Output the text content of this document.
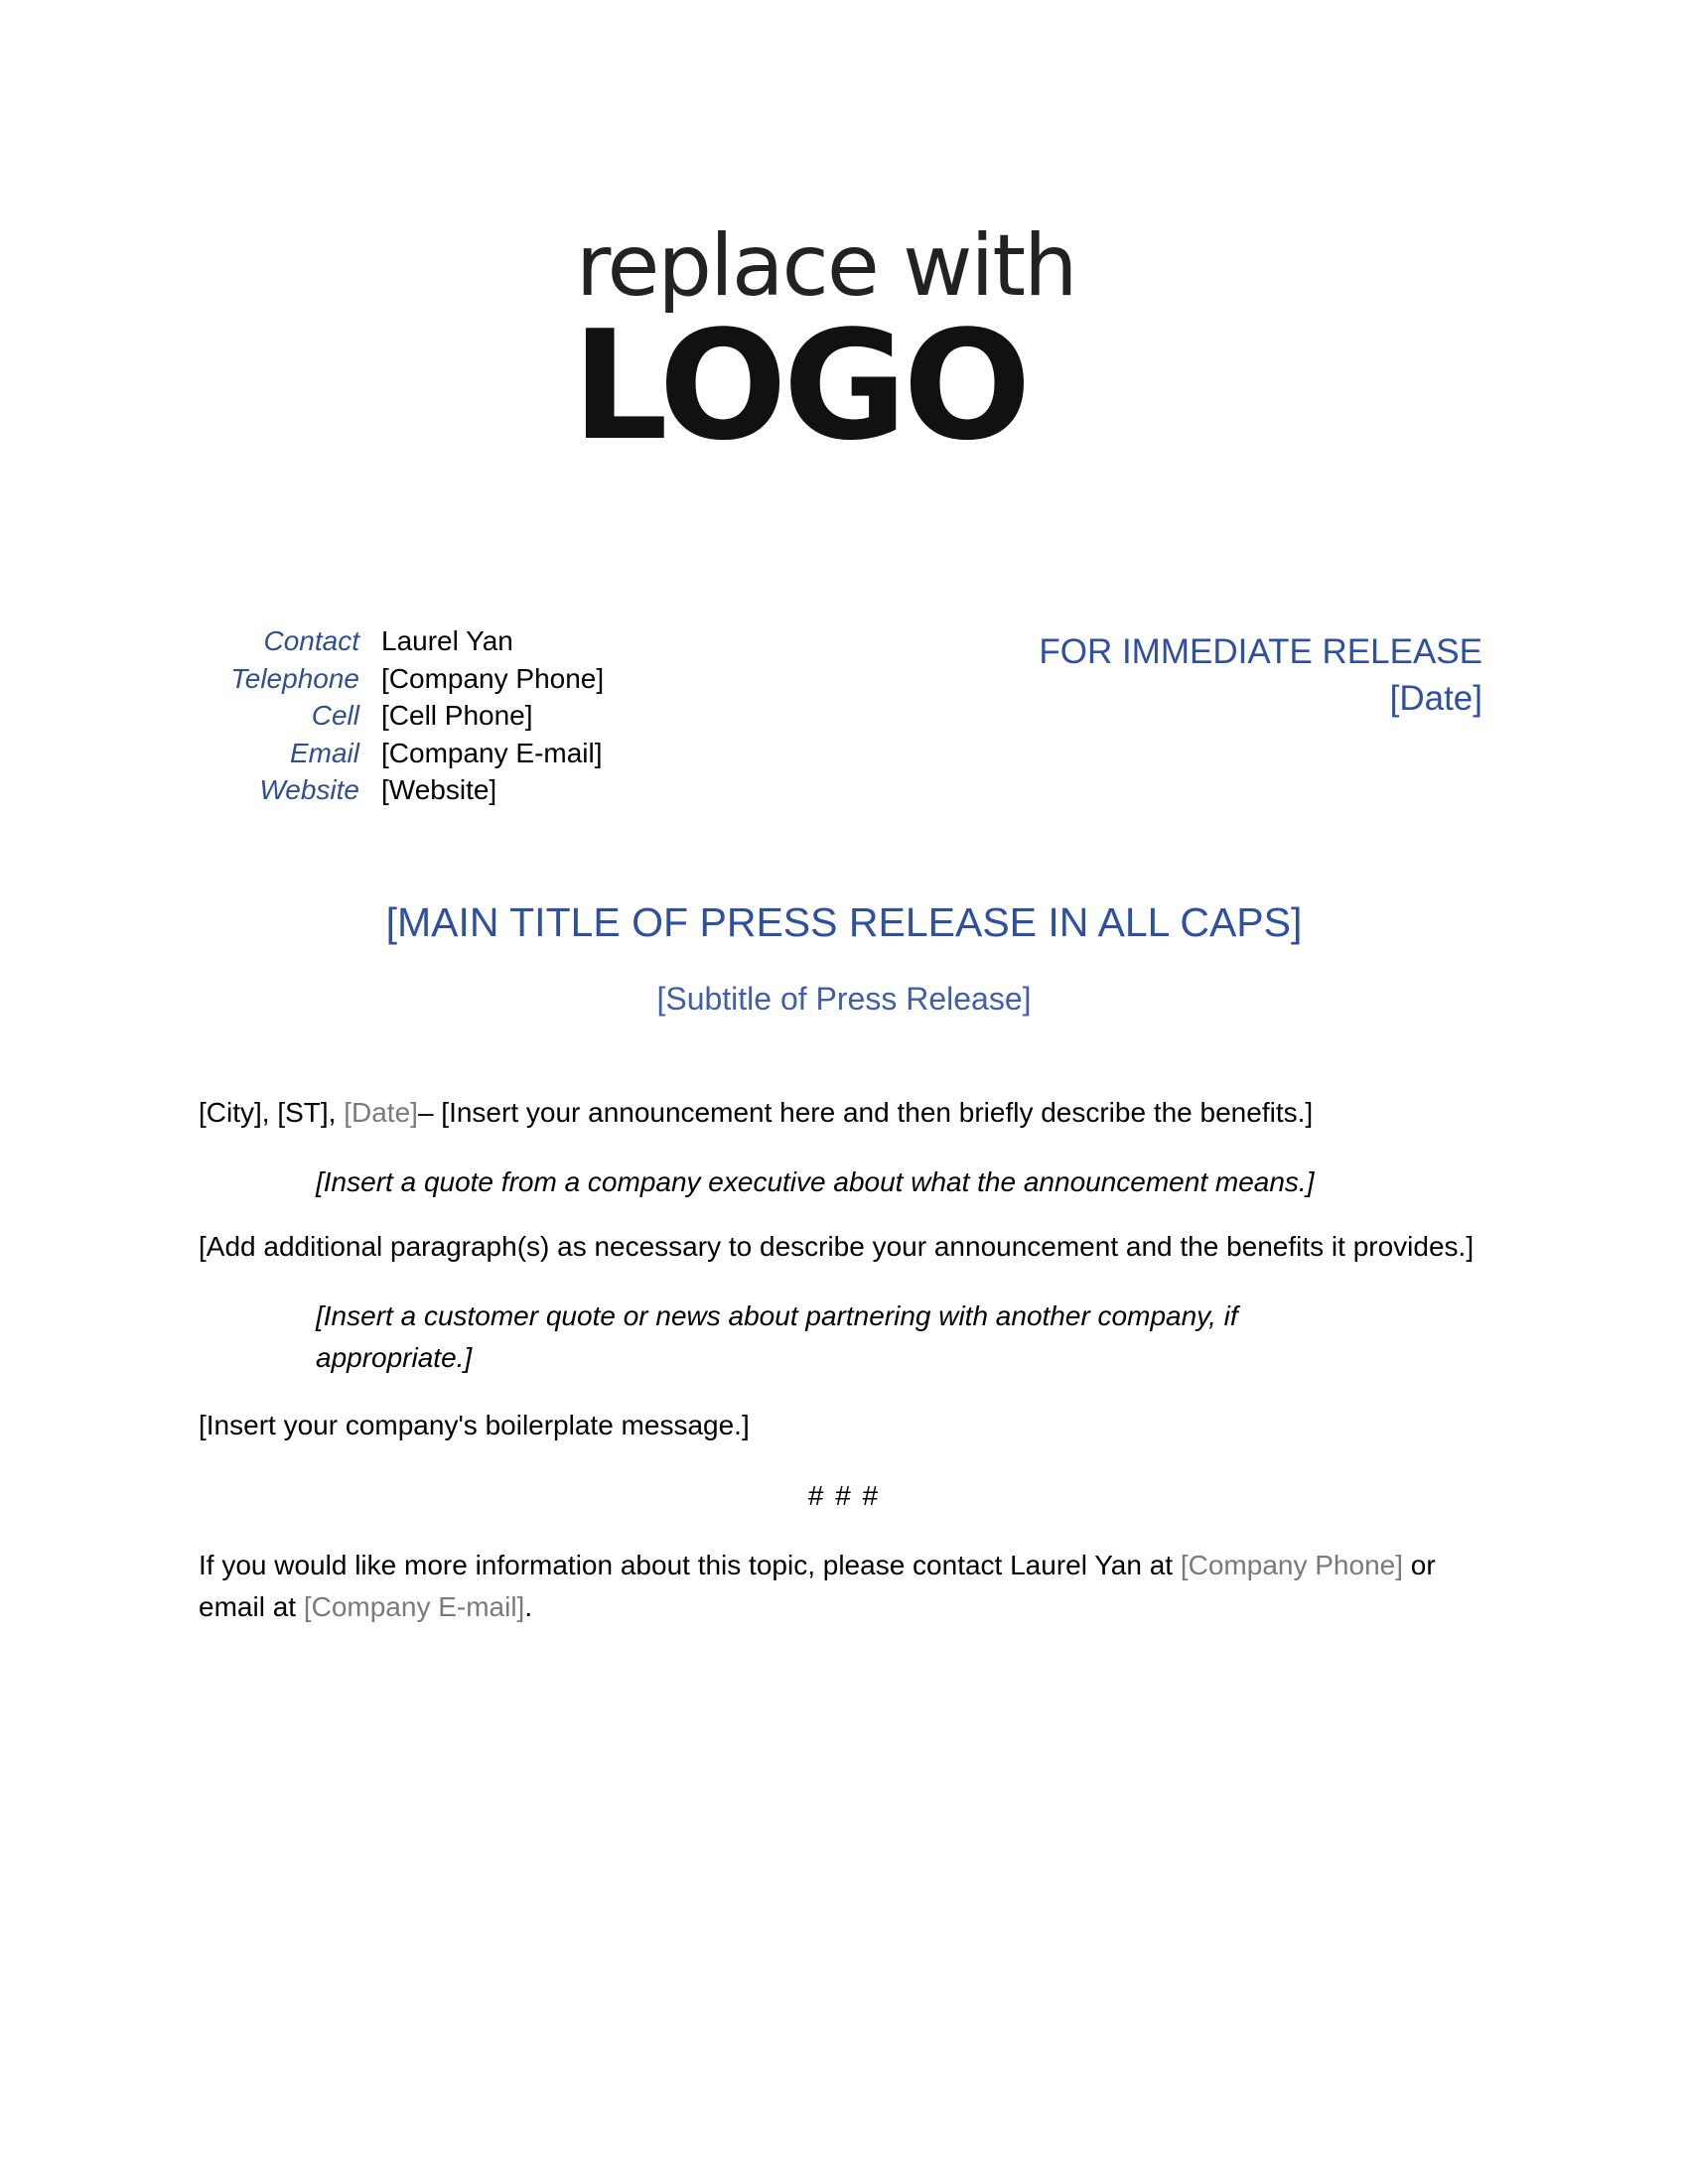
replace with
LOGO
Contact Laurel Yan
Telephone [Company Phone]
Cell [Cell Phone]
Email [Company E-mail]
Website [Website]
FOR IMMEDIATE RELEASE
[Date]
[MAIN TITLE OF PRESS RELEASE IN ALL CAPS]
[Subtitle of Press Release]
[City], [ST], [Date]– [Insert your announcement here and then briefly describe the benefits.]
[Insert a quote from a company executive about what the announcement means.]
[Add additional paragraph(s) as necessary to describe your announcement and the benefits it provides.]
[Insert a customer quote or news about partnering with another company, if
appropriate.]
[Insert your company's boilerplate message.]
# # #
If you would like more information about this topic, please contact Laurel Yan at [Company Phone] or
email at [Company E-mail].
